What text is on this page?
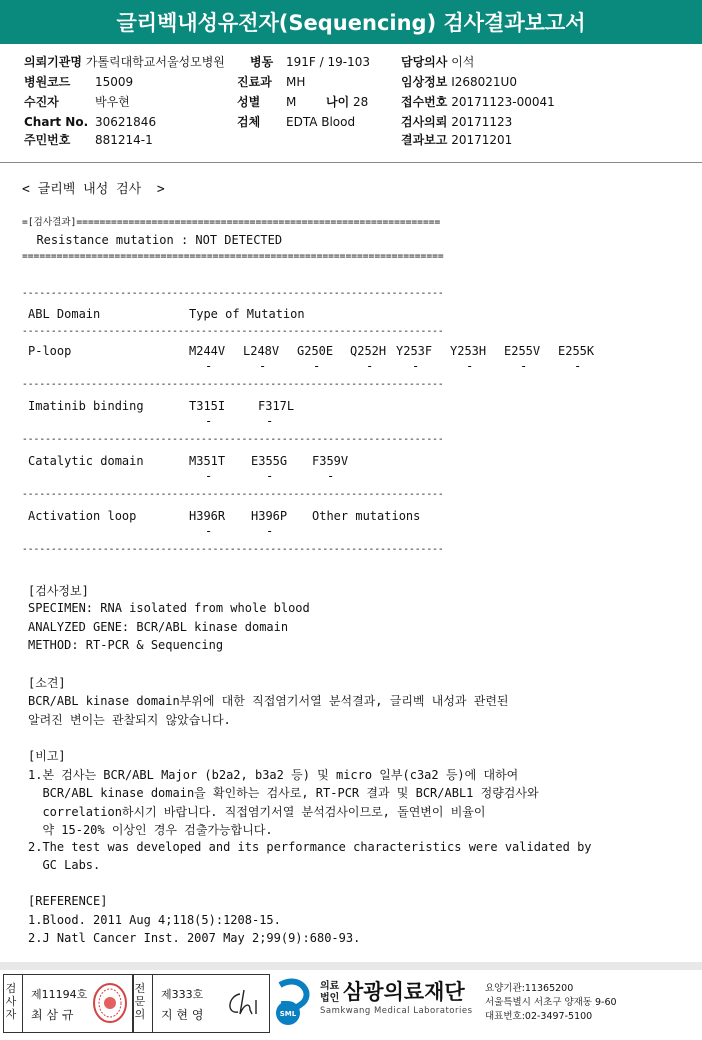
글리벡내성유전자(Sequencing) 검사결과보고서
의뢰기관명 가톨릭대학교서울성모병원 병동 191F / 19-103	담당의사 이석
병원코드 15009	진료과 MH	임상정보 I268021U0
수진자	박우현	성별 M 나이 28	접수번호 20171123-00041
Chart No. 30621846	검체 EDTA Blood	검사의뢰 20171123
주민번호 881214-1	결과보고 20171201
< 글리벡 내성 검사  >
=[검사결과]===============================================================
Resistance mutation : NOT DETECTED
=========================================================================
-------------------------------------------------------------------------
ABL Domain	Type of Mutation
-------------------------------------------------------------------------
P-loop	M244V L248V G250E Q252H Y253F Y253H E255V E255K
-	-	-	-	-	-	-	-
-------------------------------------------------------------------------
Imatinib binding	T315I	F317L
-	-
-------------------------------------------------------------------------
Catalytic domain	M351T E355G F359V
-	-	-
-------------------------------------------------------------------------
Activation loop	H396R H396P Other mutations
-	-
-------------------------------------------------------------------------
[검사정보]
SPECIMEN: RNA isolated from whole blood
ANALYZED GENE: BCR/ABL kinase domain
METHOD: RT-PCR & Sequencing
[소견]
BCR/ABL kinase domain부위에 대한 직접염기서열 분석결과, 글리벡 내성과 관련된
알려진 변이는 관찰되지 않았습니다.
[비고]
1.본 검사는 BCR/ABL Major (b2a2, b3a2 등) 및 micro 일부(c3a2 등)에 대하여
BCR/ABL kinase domain을 확인하는 검사로, RT-PCR 결과 및 BCR/ABL1 정량검사와
correlation하시기 바랍니다. 직접염기서열 분석검사이므로, 돌연변이 비율이
약 15-20% 이상인 경우 검출가능합니다.
2.The test was developed and its performance characteristics were validated by
GC Labs.
[REFERENCE]
1.Blood. 2011 Aug 4;118(5):1208-15.
2.J Natl Cancer Inst. 2007 May 2;99(9):680-93.
검사자
제11194호
최 삼 규
전문의
제333호
지 현 영	SML
의료법인 삼광의료재단
Samkwang Medical Laboratories
요양기관:11365200
서울특별시 서초구 양재동 9-60
대표번호:02-3497-5100
